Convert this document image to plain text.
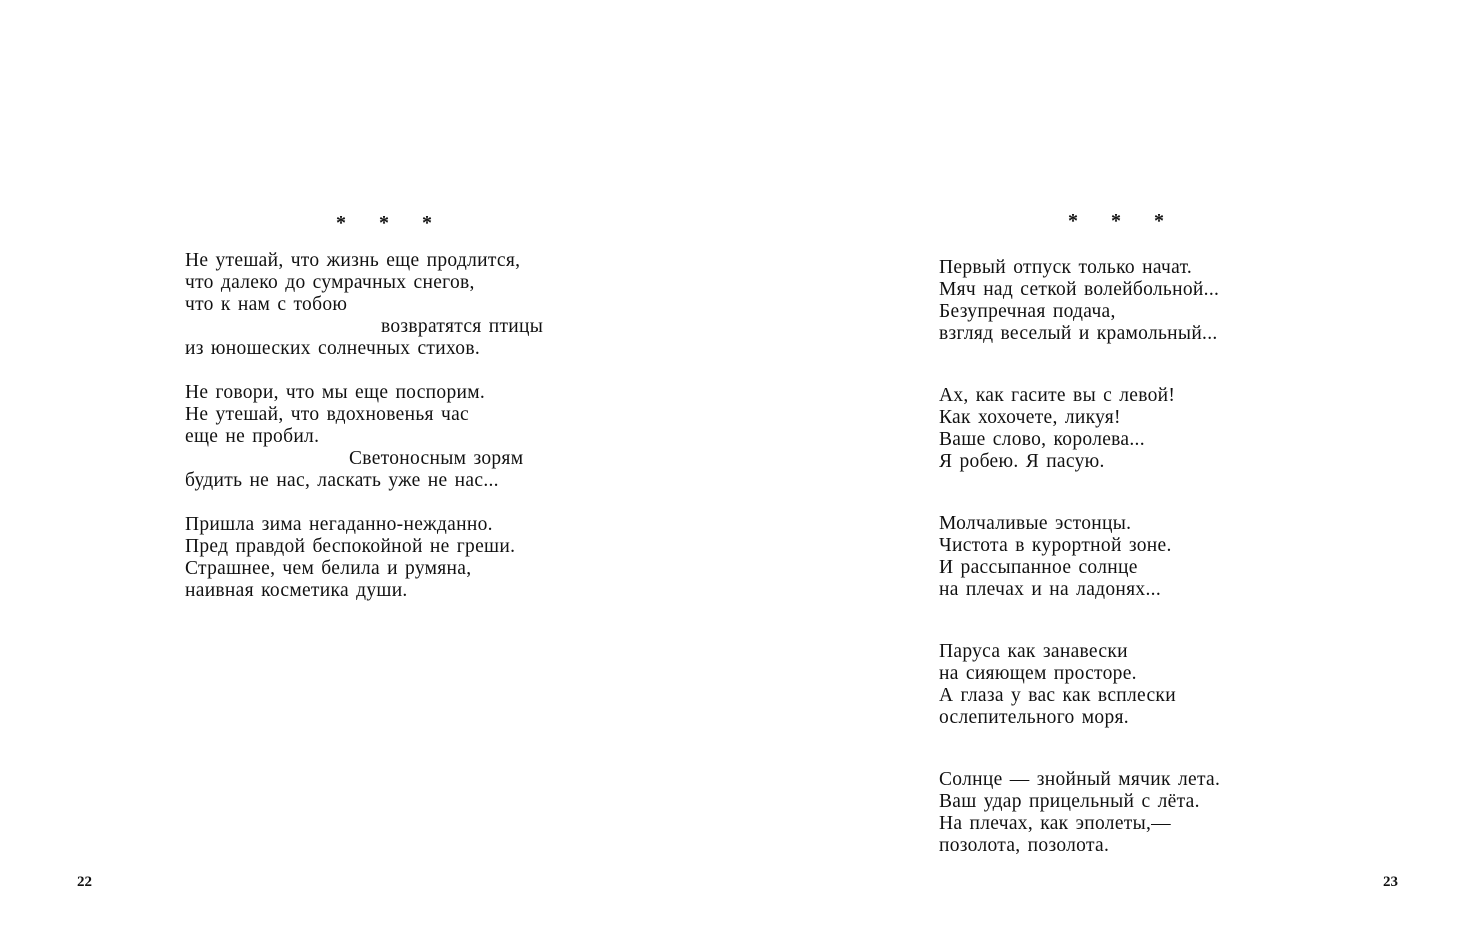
* * *
Не утешай, что жизнь еще продлится,
что далеко до сумрачных снегов,
что к нам с тобою
возвратятся птицы
из юношеских солнечных стихов.
Не говори, что мы еще поспорим.
Не утешай, что вдохновенья час
еще не пробил.
Светоносным зорям
будить не нас, ласкать уже не нас...
Пришла зима негаданно-нежданно.
Пред правдой беспокойной не греши.
Страшнее, чем белила и румяна,
наивная косметика души.
22
* * *
Первый отпуск только начат.
Мяч над сеткой волейбольной...
Безупречная подача,
взгляд веселый и крамольный...
Ах, как гасите вы с левой!
Как хохочете, ликуя!
Ваше слово, королева...
Я робею. Я пасую.
Молчаливые эстонцы.
Чистота в курортной зоне.
И рассыпанное солнце
на плечах и на ладонях...
Паруса как занавески
на сияющем просторе.
А глаза у вас как всплески
ослепительного моря.
Солнце — знойный мячик лета.
Ваш удар прицельный с лёта.
На плечах, как эполеты,—
позолота, позолота.
23
